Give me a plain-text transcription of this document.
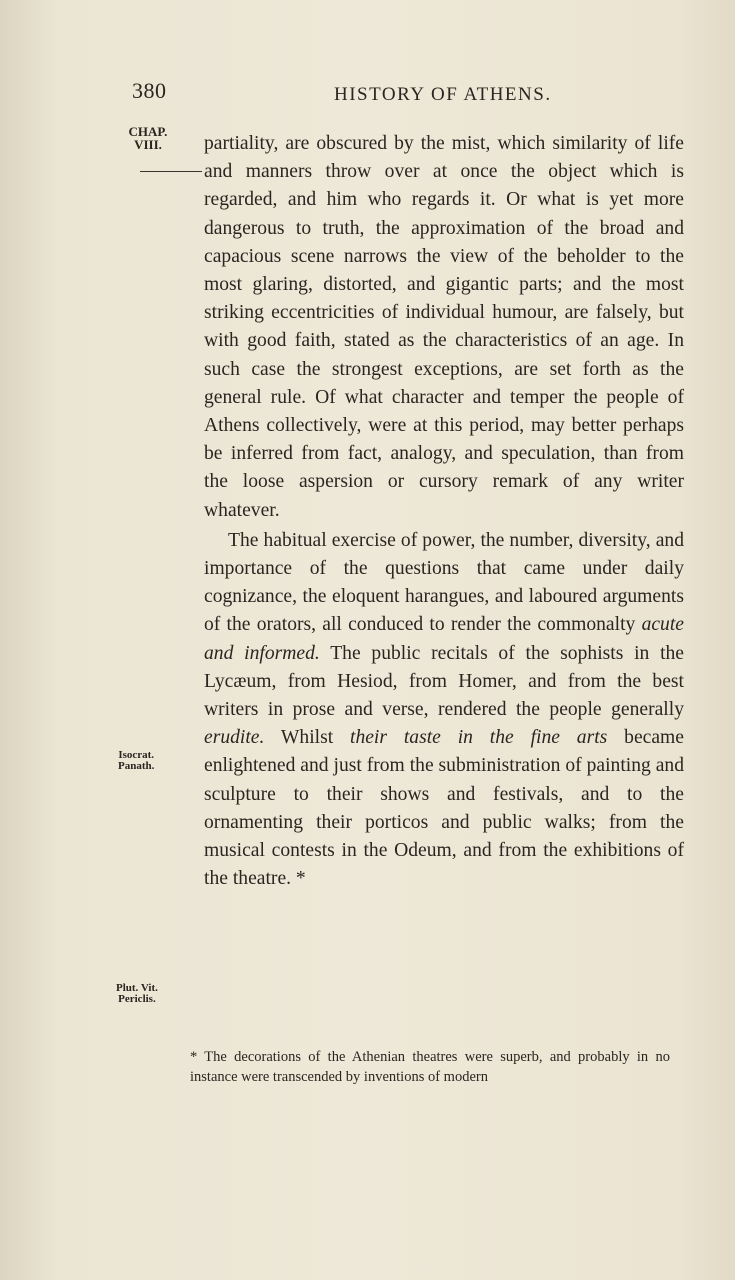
380	HISTORY OF ATHENS.
CHAP.
VIII.
Isocrat.
Panath.
Plut. Vit.
Periclis.

partiality, are obscured by the mist, which similarity of life and manners throw over at once the object which is regarded, and him who regards it. Or what is yet more dangerous to truth, the approximation of the broad and capacious scene narrows the view of the beholder to the most glaring, distorted, and gigantic parts; and the most striking eccentricities of individual humour, are falsely, but with good faith, stated as the characteristics of an age. In such case the strongest exceptions, are set forth as the general rule. Of what character and temper the people of Athens collectively, were at this period, may better perhaps be inferred from fact, analogy, and speculation, than from the loose aspersion or cursory remark of any writer whatever.

The habitual exercise of power, the number, diversity, and importance of the questions that came under daily cognizance, the eloquent harangues, and laboured arguments of the orators, all conduced to render the commonalty acute and informed. The public recitals of the sophists in the Lycæum, from Hesiod, from Homer, and from the best writers in prose and verse, rendered the people generally erudite. Whilst their taste in the fine arts became enlightened and just from the subministration of painting and sculpture to their shows and festivals, and to the ornamenting their porticos and public walks; from the musical contests in the Odeum, and from the exhibitions of the theatre. *

* The decorations of the Athenian theatres were superb, and probably in no instance were transcended by inventions of modern
